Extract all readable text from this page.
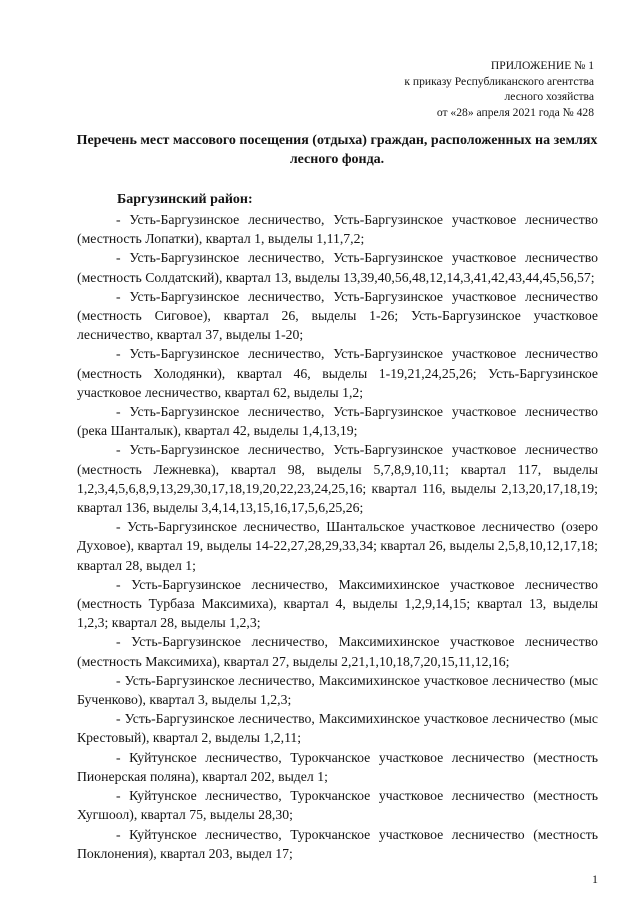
ПРИЛОЖЕНИЕ № 1
к приказу Республиканского агентства
лесного хозяйства
от «28» апреля 2021 года № 428
Перечень мест массового посещения (отдыха) граждан, расположенных на землях лесного фонда.
Баргузинский район:

- Усть-Баргузинское лесничество, Усть-Баргузинское участковое лесничество (местность Лопатки), квартал 1, выделы 1,11,7,2;

- Усть-Баргузинское лесничество, Усть-Баргузинское участковое лесничество (местность Солдатский), квартал 13, выделы 13,39,40,56,48,12,14,3,41,42,43,44,45,56,57;

- Усть-Баргузинское лесничество, Усть-Баргузинское участковое лесничество (местность Сиговое), квартал 26, выделы 1-26; Усть-Баргузинское участковое лесничество, квартал 37, выделы 1-20;

- Усть-Баргузинское лесничество, Усть-Баргузинское участковое лесничество (местность Холодянки), квартал 46, выделы 1-19,21,24,25,26; Усть-Баргузинское участковое лесничество, квартал 62, выделы 1,2;

- Усть-Баргузинское лесничество, Усть-Баргузинское участковое лесничество (река Шанталык), квартал 42, выделы 1,4,13,19;

- Усть-Баргузинское лесничество, Усть-Баргузинское участковое лесничество (местность Лежневка), квартал 98, выделы 5,7,8,9,10,11; квартал 117, выделы 1,2,3,4,5,6,8,9,13,29,30,17,18,19,20,22,23,24,25,16; квартал 116, выделы 2,13,20,17,18,19; квартал 136, выделы 3,4,14,13,15,16,17,5,6,25,26;

- Усть-Баргузинское лесничество, Шантальское участковое лесничество (озеро Духовое), квартал 19, выделы 14-22,27,28,29,33,34; квартал 26, выделы 2,5,8,10,12,17,18; квартал 28, выдел 1;

- Усть-Баргузинское лесничество, Максимихинское участковое лесничество (местность Турбаза Максимиха), квартал 4, выделы 1,2,9,14,15; квартал 13, выделы 1,2,3; квартал 28, выделы 1,2,3;

- Усть-Баргузинское лесничество, Максимихинское участковое лесничество (местность Максимиха), квартал 27, выделы 2,21,1,10,18,7,20,15,11,12,16;

- Усть-Баргузинское лесничество, Максимихинское участковое лесничество (мыс Бученково), квартал 3, выделы 1,2,3;

- Усть-Баргузинское лесничество, Максимихинское участковое лесничество (мыс Крестовый), квартал 2, выделы 1,2,11;

- Куйтунское лесничество, Турокчанское участковое лесничество (местность Пионерская поляна), квартал 202, выдел 1;

- Куйтунское лесничество, Турокчанское участковое лесничество (местность Хугшоол), квартал 75, выделы 28,30;

- Куйтунское лесничество, Турокчанское участковое лесничество (местность Поклонения), квартал 203, выдел 17;

1
